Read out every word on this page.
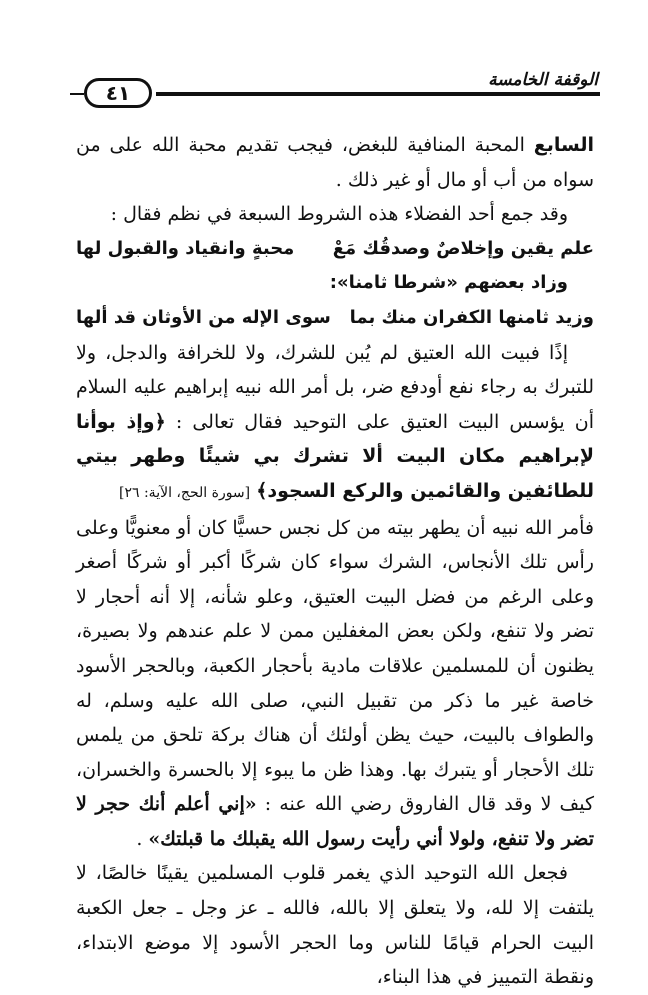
٤١
الوقفة الخامسة

السابع المحبة المنافية للبغض، فيجب تقديم محبة الله على من سواه من أب أو مال أو غير ذلك .

وقد جمع أحد الفضلاء هذه الشروط السبعة في نظم فقال :

علم يقين وإخلاصٌ وصدقُك مَعْ
محبةٍ وانقياد والقبول لها

وزاد بعضهم «شرطا ثامنا»:

وزيد ثامنها الكفران منك بما
سوى الإله من الأوثان قد ألها

إذًا فبيت الله العتيق لم يُبن للشرك، ولا للخرافة والدجل، ولا للتبرك به رجاء نفع أودفع ضر، بل أمر الله نبيه إبراهيم عليه السلام أن يؤسس البيت العتيق على التوحيد فقال تعالى : ﴿وإذ بوأنا لإبراهيم مكان البيت ألا تشرك بي شيئًا وطهر بيتي للطائفين والقائمين والركع السجود﴾ [سورة الحج، الآية: ٢٦]

فأمر الله نبيه أن يطهر بيته من كل نجس حسيًّا كان أو معنويًّا وعلى رأس تلك الأنجاس، الشرك سواء كان شركًا أكبر أو شركًا أصغر وعلى الرغم من فضل البيت العتيق، وعلو شأنه، إلا أنه أحجار لا تضر ولا تنفع، ولكن بعض المغفلين ممن لا علم عندهم ولا بصيرة، يظنون أن للمسلمين علاقات مادية بأحجار الكعبة، وبالحجر الأسود خاصة غير ما ذكر من تقبيل النبي، صلى الله عليه وسلم، له والطواف بالبيت، حيث يظن أولئك أن هناك بركة تلحق من يلمس تلك الأحجار أو يتبرك بها. وهذا ظن ما يبوء إلا بالحسرة والخسران، كيف لا وقد قال الفاروق رضي الله عنه : «إني أعلم أنك حجر لا تضر ولا تنفع، ولولا أني رأيت رسول الله يقبلك ما قبلتك» .

فجعل الله التوحيد الذي يغمر قلوب المسلمين يقينًا خالصًا، لا يلتفت إلا لله، ولا يتعلق إلا بالله، فالله ـ عز وجل ـ جعل الكعبة البيت الحرام قيامًا للناس وما الحجر الأسود إلا موضع الابتداء، ونقطة التمييز في هذا البناء،
